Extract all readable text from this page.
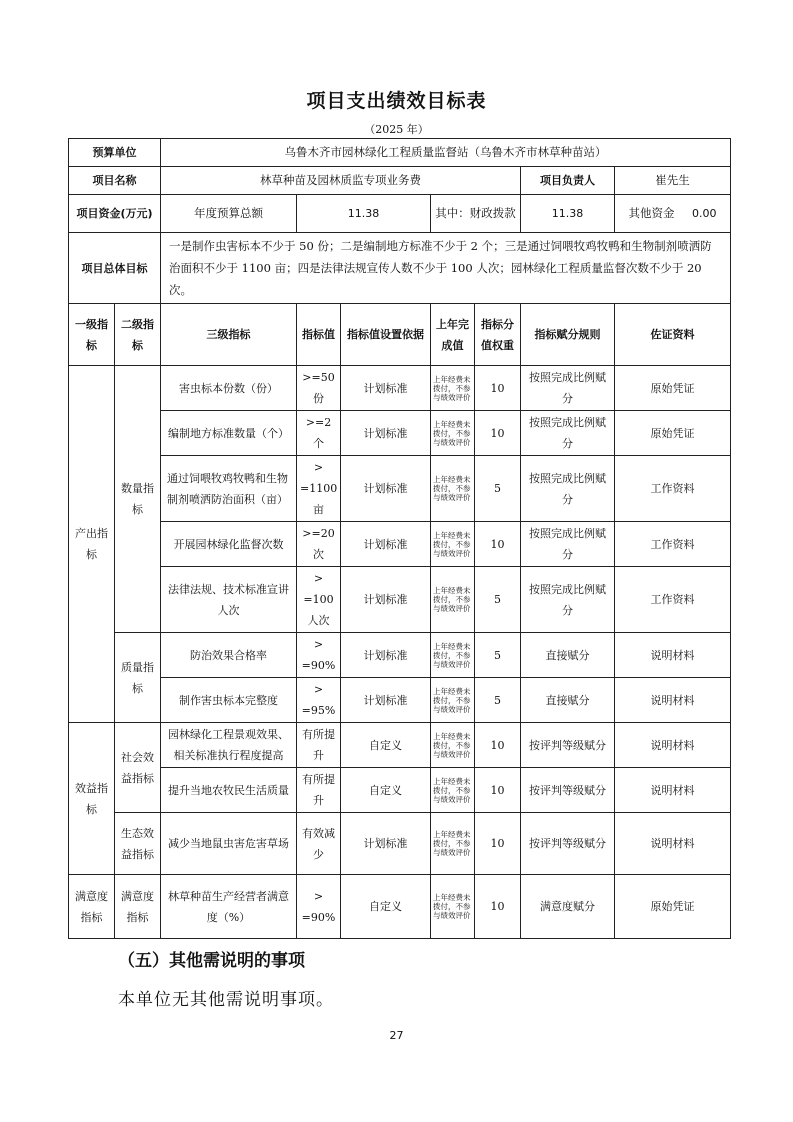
项目支出绩效目标表
（2025 年）
预算单位		乌鲁木齐市园林绿化工程质量监督站（乌鲁木齐市林草种苗站）						
项目名称		林草种苗及园林质监专项业务费					项目负责人	崔先生
项目资金(万元)		年度预算总额	11.38		其中：财政拨款		11.38	其他资金 0.00
项目总体目标		一是制作虫害标本不少于 50 份；二是编制地方标准不少于 2 个；三是通过饲喂牧鸡牧鸭和生物制剂喷洒防治面积不少于 1100 亩；四是法律法规宣传人数不少于 100 人次；园林绿化工程质量监督次数不少于 20 次。						
一级指标	二级指标	三级指标	指标值	指标值设置依据	上年完成值	指标分值权重	指标赋分规则	佐证资料
产出指标	数量指标	害虫标本份数（份）	>=50 份	计划标准	上年经费未拨付，不参与绩效评价	10	按照完成比例赋分	原始凭证
		编制地方标准数量（个）	>=2 个	计划标准	上年经费未拨付，不参与绩效评价	10	按照完成比例赋分	原始凭证
		通过饲喂牧鸡牧鸭和生物制剂喷洒防治面积（亩）	> =1100 亩	计划标准	上年经费未拨付，不参与绩效评价	5	按照完成比例赋分	工作资料
		开展园林绿化监督次数	>=20 次	计划标准	上年经费未拨付，不参与绩效评价	10	按照完成比例赋分	工作资料
		法律法规、技术标准宣讲人次	> =100 人次	计划标准	上年经费未拨付，不参与绩效评价	5	按照完成比例赋分	工作资料
	质量指标	防治效果合格率	> =90%	计划标准	上年经费未拨付，不参与绩效评价	5	直接赋分	说明材料
		制作害虫标本完整度	> =95%	计划标准	上年经费未拨付，不参与绩效评价	5	直接赋分	说明材料
效益指标	社会效益指标	园林绿化工程景观效果、相关标准执行程度提高	有所提升	自定义	上年经费未拨付，不参与绩效评价	10	按评判等级赋分	说明材料
		提升当地农牧民生活质量	有所提升	自定义	上年经费未拨付，不参与绩效评价	10	按评判等级赋分	说明材料
	生态效益指标	减少当地鼠虫害危害草场	有效减少	计划标准	上年经费未拨付，不参与绩效评价	10	按评判等级赋分	说明材料
满意度指标	满意度指标	林草种苗生产经营者满意度（%）	> =90%	自定义	上年经费未拨付，不参与绩效评价	10	满意度赋分	原始凭证
（五）其他需说明的事项
本单位无其他需说明事项。
27
